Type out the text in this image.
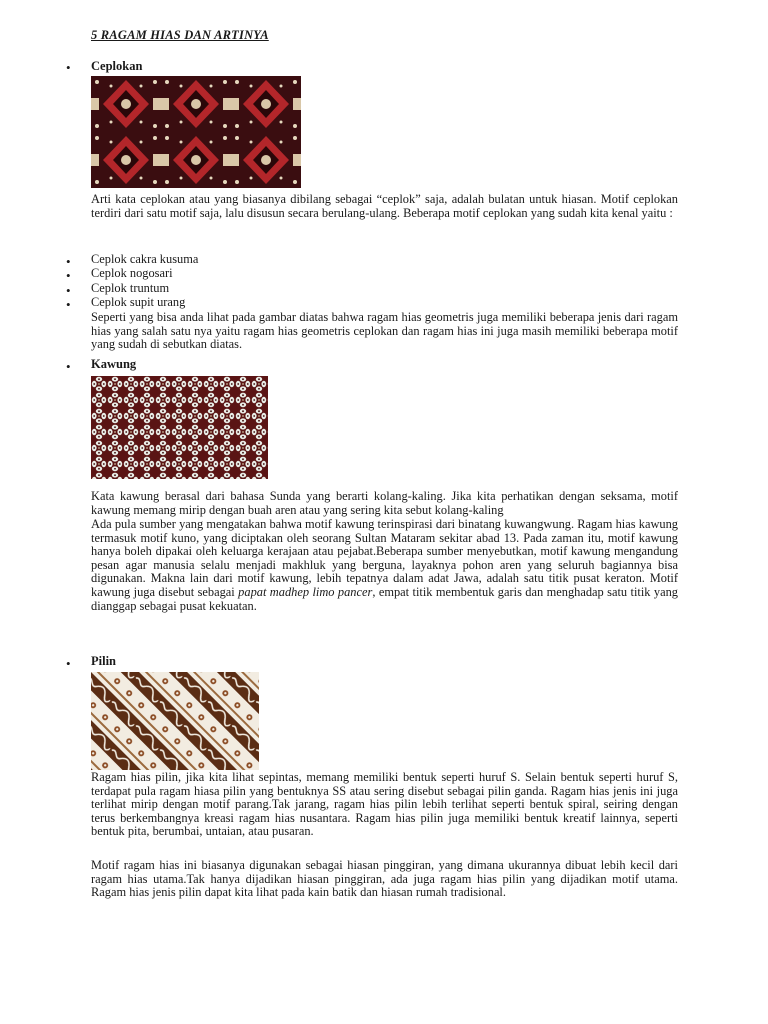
5 RAGAM HIAS DAN ARTINYA
• Ceplokan
Arti kata ceplokan atau yang biasanya dibilang sebagai “ceplok” saja, adalah bulatan untuk hiasan. Motif ceplokan terdiri dari satu motif saja, lalu disusun secara berulang-ulang. Beberapa motif ceplokan yang sudah kita kenal yaitu :
• Ceplok cakra kusuma
• Ceplok nogosari
• Ceplok truntum
• Ceplok supit urang
Seperti yang bisa anda lihat pada gambar diatas bahwa ragam hias geometris juga memiliki beberapa jenis dari ragam hias yang salah satu nya yaitu ragam hias geometris ceplokan dan ragam hias ini juga masih memiliki beberapa motif yang sudah di sebutkan diatas.
• Kawung
Kata kawung berasal dari bahasa Sunda yang berarti kolang-kaling. Jika kita perhatikan dengan seksama, motif kawung memang mirip dengan buah aren atau yang sering kita sebut kolang-kaling
Ada pula sumber yang mengatakan bahwa motif kawung terinspirasi dari binatang kuwangwung. Ragam hias kawung termasuk motif kuno, yang diciptakan oleh seorang Sultan Mataram sekitar abad 13. Pada zaman itu, motif kawung hanya boleh dipakai oleh keluarga kerajaan atau pejabat.Beberapa sumber menyebutkan, motif kawung mengandung pesan agar manusia selalu menjadi makhluk yang berguna, layaknya pohon aren yang seluruh bagiannya bisa digunakan. Makna lain dari motif kawung, lebih tepatnya dalam adat Jawa, adalah satu titik pusat keraton. Motif kawung juga disebut sebagai papat madhep limo pancer, empat titik membentuk garis dan menghadap satu titik yang dianggap sebagai pusat kekuatan.
• Pilin
Ragam hias pilin, jika kita lihat sepintas, memang memiliki bentuk seperti huruf S. Selain bentuk seperti huruf S, terdapat pula ragam hiasa pilin yang bentuknya SS atau sering disebut sebagai pilin ganda. Ragam hias jenis ini juga terlihat mirip dengan motif parang.Tak jarang, ragam hias pilin lebih terlihat seperti bentuk spiral, seiring dengan terus berkembangnya kreasi ragam hias nusantara. Ragam hias pilin juga memiliki bentuk kreatif lainnya, seperti bentuk pita, berumbai, untaian, atau pusaran.
Motif ragam hias ini biasanya digunakan sebagai hiasan pinggiran, yang dimana ukurannya dibuat lebih kecil dari ragam hias utama.Tak hanya dijadikan hiasan pinggiran, ada juga ragam hias pilin yang dijadikan motif utama. Ragam hias jenis pilin dapat kita lihat pada kain batik dan hiasan rumah tradisional.
